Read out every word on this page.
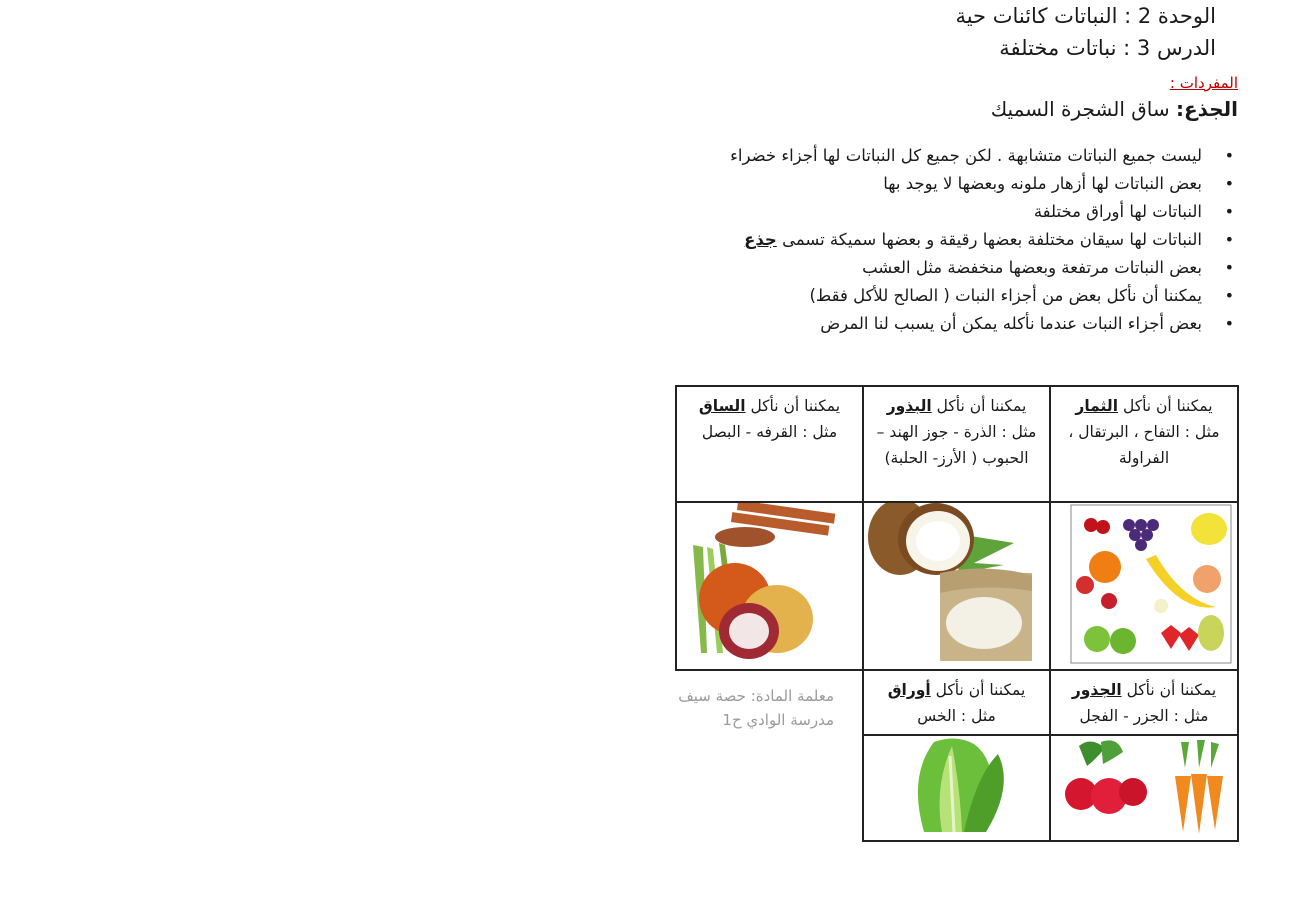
الوحدة 2 : النباتات كائنات حية
الدرس 3 : نباتات مختلفة
المفردات :
الجذع: ساق الشجرة السميك
• ليست جميع النباتات متشابهة . لكن جميع كل النباتات لها أجزاء خضراء
• بعض النباتات لها أزهار ملونه وبعضها لا يوجد بها
• النباتات لها أوراق مختلفة
• النباتات لها سيقان مختلفة بعضها رقيقة و بعضها سميكة تسمى جذع
• بعض النباتات مرتفعة وبعضها منخفضة مثل العشب
• يمكننا أن نأكل بعض من أجزاء النبات ( الصالح للأكل فقط)
• بعض أجزاء النبات عندما نأكله يمكن أن يسبب لنا المرض
يمكننا أن نأكل الثمار
مثل : التفاح ، البرتقال ، الفراولة
يمكننا أن نأكل البذور
مثل : الذرة - جوز الهند – الحبوب ( الأرز- الحلبة)
يمكننا أن نأكل الساق
مثل : القرفه - البصل
يمكننا أن نأكل الجذور
مثل : الجزر - الفجل
يمكننا أن نأكل أوراق
مثل : الخس
معلمة المادة: حصة سيف
مدرسة الوادي ح1
